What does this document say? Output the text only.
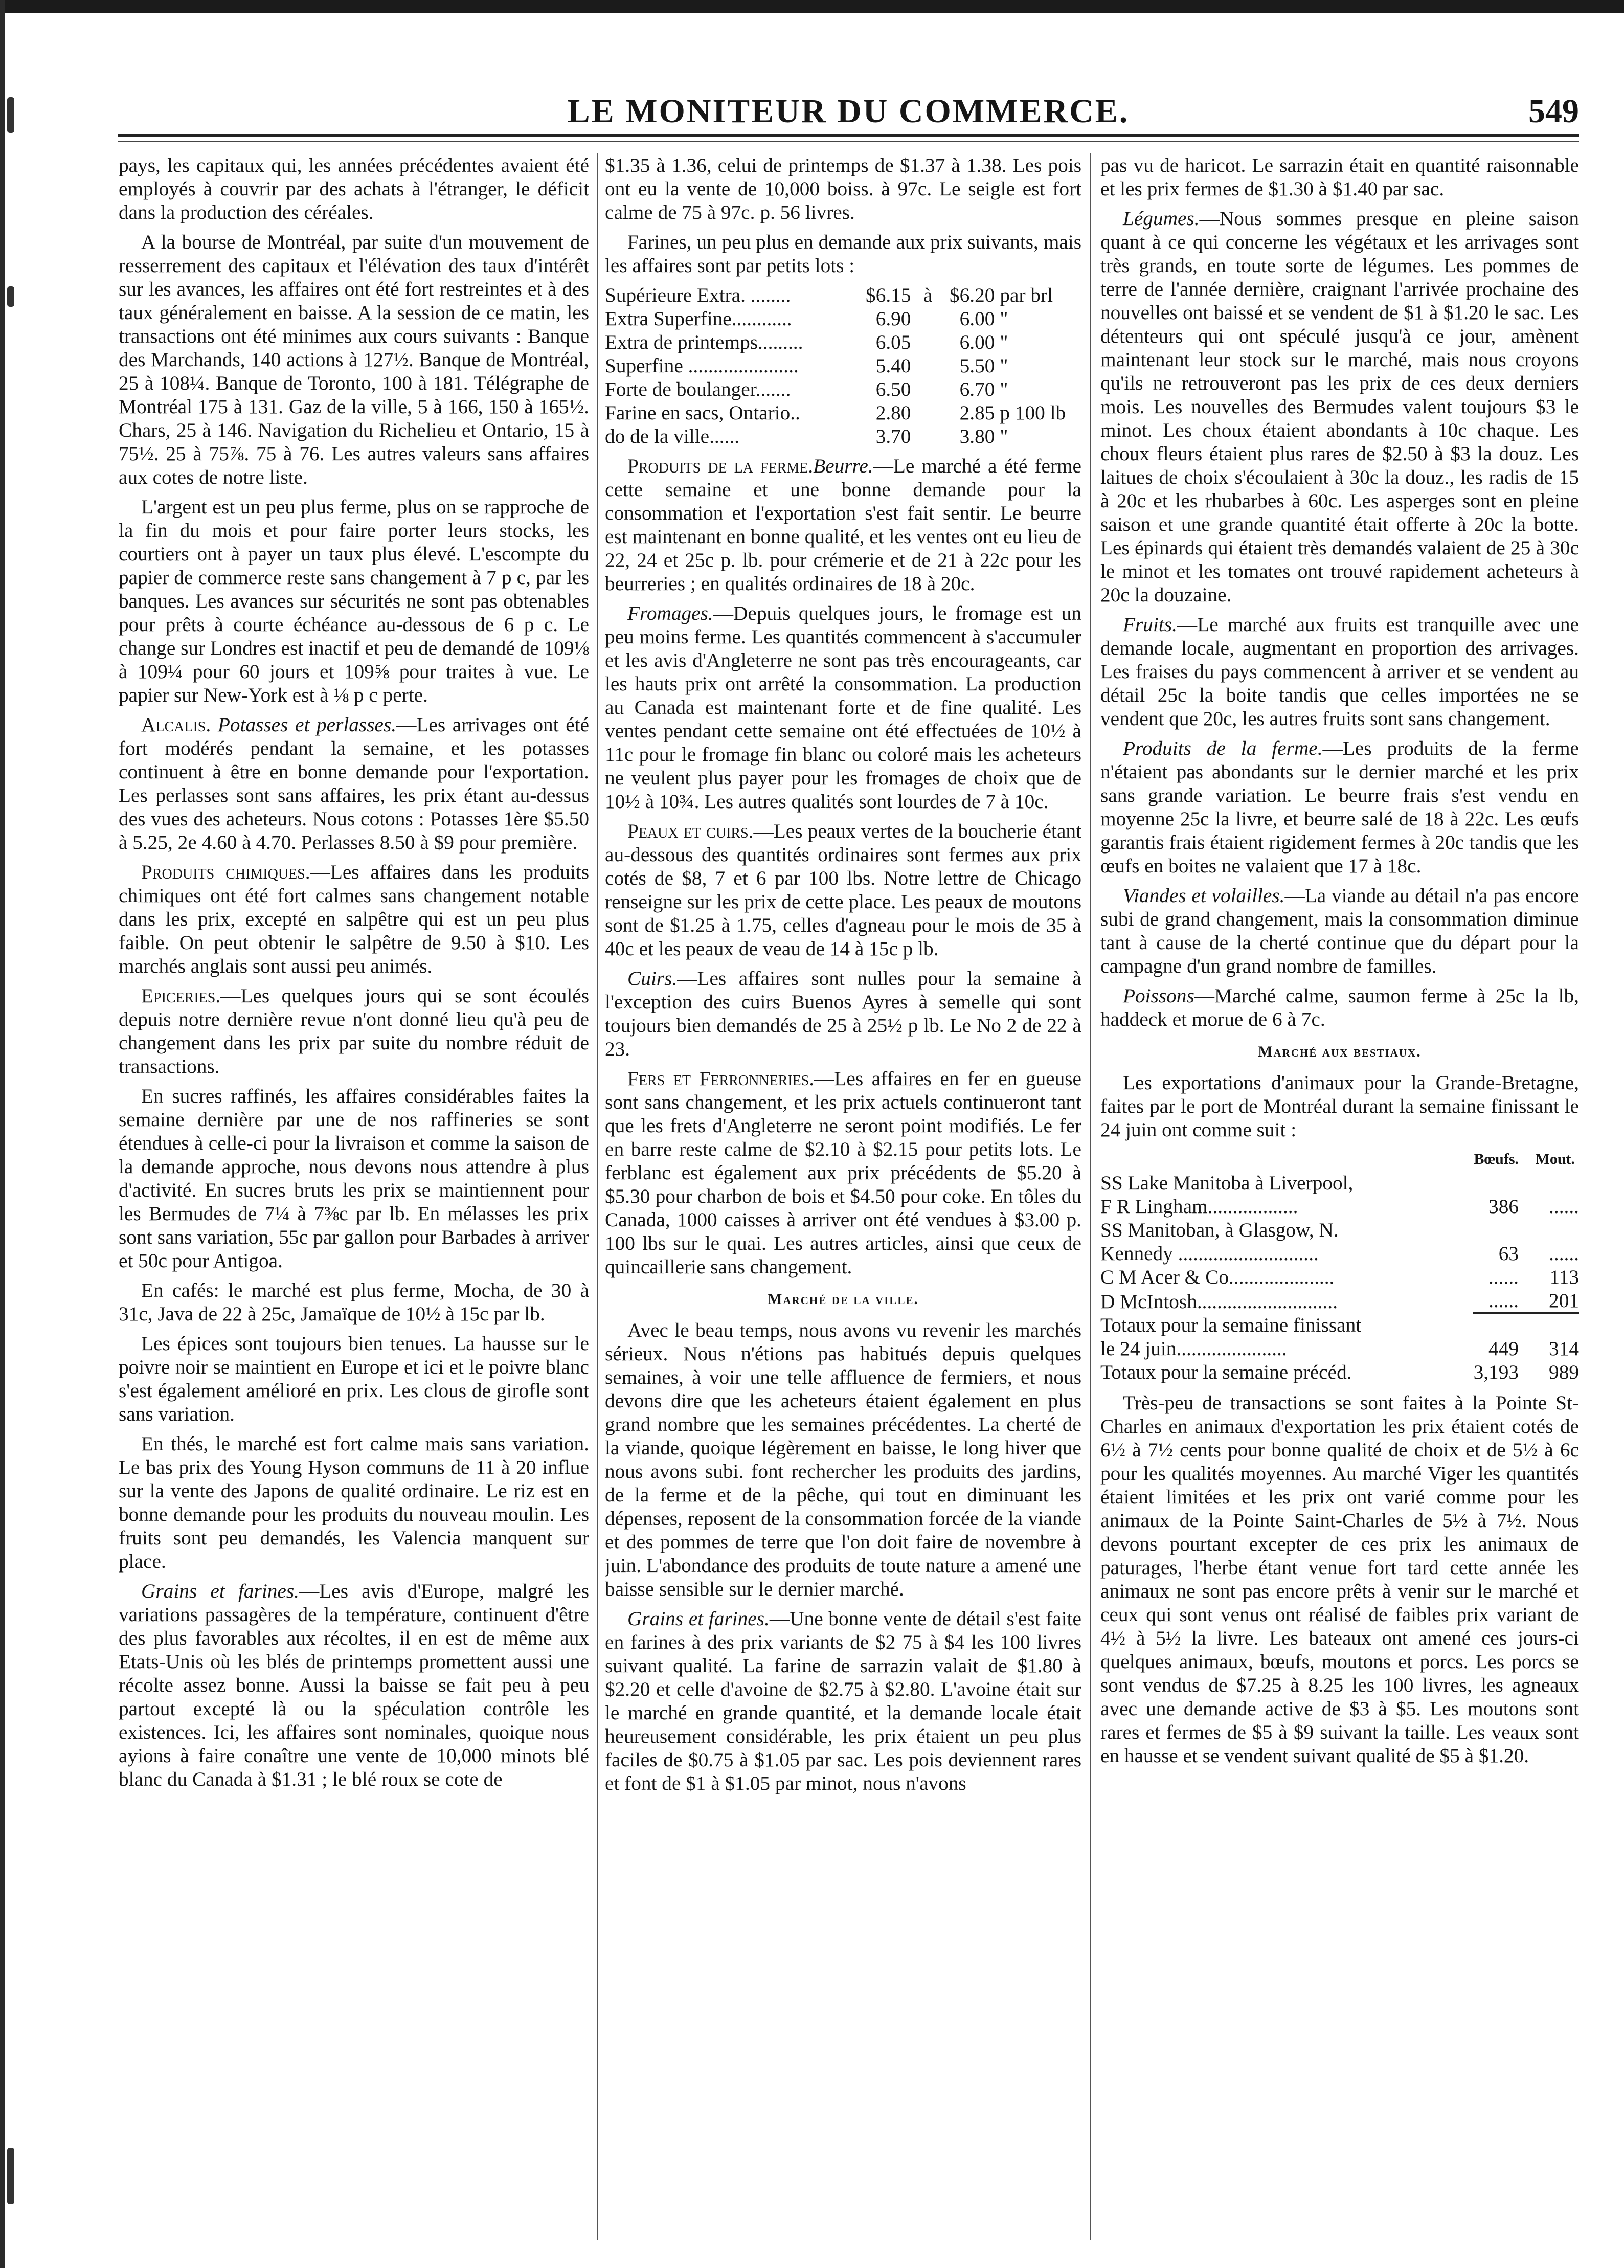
LE MONITEUR DU COMMERCE.	549

pays, les capitaux qui, les années précédentes avaient été employés à couvrir par des achats à l'étranger, le déficit dans la production des céréales.

A la bourse de Montréal, par suite d'un mouvement de resserrement des capitaux et l'élévation des taux d'intérêt sur les avances, les affaires ont été fort restreintes et à des taux généralement en baisse. A la session de ce matin, les transactions ont été minimes aux cours suivants : Banque des Marchands, 140 actions à 127½. Banque de Montréal, 25 à 108¼. Banque de Toronto, 100 à 181. Télégraphe de Montréal 175 à 131. Gaz de la ville, 5 à 166, 150 à 165½. Chars, 25 à 146. Navigation du Richelieu et Ontario, 15 à 75½. 25 à 75⅞. 75 à 76. Les autres valeurs sans affaires aux cotes de notre liste.

L'argent est un peu plus ferme, plus on se rapproche de la fin du mois et pour faire porter leurs stocks, les courtiers ont à payer un taux plus élevé. L'escompte du papier de commerce reste sans changement à 7 p c, par les banques. Les avances sur sécurités ne sont pas obtenables pour prêts à courte échéance au-dessous de 6 p c. Le change sur Londres est inactif et peu de demandé de 109⅛ à 109¼ pour 60 jours et 109⅝ pour traites à vue. Le papier sur New-York est à ⅛ p c perte.

Alcalis. Potasses et perlasses.—Les arrivages ont été fort modérés pendant la semaine, et les potasses continuent à être en bonne demande pour l'exportation. Les perlasses sont sans affaires, les prix étant au-dessus des vues des acheteurs. Nous cotons : Potasses 1ère $5.50 à 5.25, 2e 4.60 à 4.70. Perlasses 8.50 à $9 pour première.

Produits chimiques.—Les affaires dans les produits chimiques ont été fort calmes sans changement notable dans les prix, excepté en salpêtre qui est un peu plus faible. On peut obtenir le salpêtre de 9.50 à $10. Les marchés anglais sont aussi peu animés.

Epiceries.—Les quelques jours qui se sont écoulés depuis notre dernière revue n'ont donné lieu qu'à peu de changement dans les prix par suite du nombre réduit de transactions.

En sucres raffinés, les affaires considérables faites la semaine dernière par une de nos raffineries se sont étendues à celle-ci pour la livraison et comme la saison de la demande approche, nous devons nous attendre à plus d'activité. En sucres bruts les prix se maintiennent pour les Bermudes de 7¼ à 7⅜c par lb. En mélasses les prix sont sans variation, 55c par gallon pour Barbades à arriver et 50c pour Antigoa.

En cafés: le marché est plus ferme, Mocha, de 30 à 31c, Java de 22 à 25c, Jamaïque de 10½ à 15c par lb.

Les épices sont toujours bien tenues. La hausse sur le poivre noir se maintient en Europe et ici et le poivre blanc s'est également amélioré en prix. Les clous de girofle sont sans variation.

En thés, le marché est fort calme mais sans variation. Le bas prix des Young Hyson communs de 11 à 20 influe sur la vente des Japons de qualité ordinaire. Le riz est en bonne demande pour les produits du nouveau moulin. Les fruits sont peu demandés, les Valencia manquent sur place.

Grains et farines.—Les avis d'Europe, malgré les variations passagères de la température, continuent d'être des plus favorables aux récoltes, il en est de même aux Etats-Unis où les blés de printemps promettent aussi une récolte assez bonne. Aussi la baisse se fait peu à peu partout excepté là ou la spéculation contrôle les existences. Ici, les affaires sont nominales, quoique nous ayions à faire conaître une vente de 10,000 minots blé blanc du Canada à $1.31 ; le blé roux se cote de

$1.35 à 1.36, celui de printemps de $1.37 à 1.38. Les pois ont eu la vente de 10,000 boiss. à 97c. Le seigle est fort calme de 75 à 97c. p. 56 livres.

Farines, un peu plus en demande aux prix suivants, mais les affaires sont par petits lots :

Supérieure Extra. ........	$6.15	à	$6.20	par brl
Extra Superfine............	6.90		6.00	"
Extra de printemps.........	6.05		6.00	"
Superfine ......................	5.40		5.50	"
Forte de boulanger.......	6.50		6.70	"
Farine en sacs, Ontario..	2.80		2.85	p 100 lb
do de la ville......	3.70		3.80	"

Produits de la ferme.Beurre.—Le marché a été ferme cette semaine et une bonne demande pour la consommation et l'exportation s'est fait sentir. Le beurre est maintenant en bonne qualité, et les ventes ont eu lieu de 22, 24 et 25c p. lb. pour crémerie et de 21 à 22c pour les beurreries ; en qualités ordinaires de 18 à 20c.

Fromages.—Depuis quelques jours, le fromage est un peu moins ferme. Les quantités commencent à s'accumuler et les avis d'Angleterre ne sont pas très encourageants, car les hauts prix ont arrêté la consommation. La production au Canada est maintenant forte et de fine qualité. Les ventes pendant cette semaine ont été effectuées de 10½ à 11c pour le fromage fin blanc ou coloré mais les acheteurs ne veulent plus payer pour les fromages de choix que de 10½ à 10¾. Les autres qualités sont lourdes de 7 à 10c.

Peaux et cuirs.—Les peaux vertes de la boucherie étant au-dessous des quantités ordinaires sont fermes aux prix cotés de $8, 7 et 6 par 100 lbs. Notre lettre de Chicago renseigne sur les prix de cette place. Les peaux de moutons sont de $1.25 à 1.75, celles d'agneau pour le mois de 35 à 40c et les peaux de veau de 14 à 15c p lb.

Cuirs.—Les affaires sont nulles pour la semaine à l'exception des cuirs Buenos Ayres à semelle qui sont toujours bien demandés de 25 à 25½ p lb. Le No 2 de 22 à 23.

Fers et Ferronneries.—Les affaires en fer en gueuse sont sans changement, et les prix actuels continueront tant que les frets d'Angleterre ne seront point modifiés. Le fer en barre reste calme de $2.10 à $2.15 pour petits lots. Le ferblanc est également aux prix précédents de $5.20 à $5.30 pour charbon de bois et $4.50 pour coke. En tôles du Canada, 1000 caisses à arriver ont été vendues à $3.00 p. 100 lbs sur le quai. Les autres articles, ainsi que ceux de quincaillerie sans changement.

Marché de la ville.

Avec le beau temps, nous avons vu revenir les marchés sérieux. Nous n'étions pas habitués depuis quelques semaines, à voir une telle affluence de fermiers, et nous devons dire que les acheteurs étaient également en plus grand nombre que les semaines précédentes. La cherté de la viande, quoique légèrement en baisse, le long hiver que nous avons subi. font rechercher les produits des jardins, de la ferme et de la pêche, qui tout en diminuant les dépenses, reposent de la consommation forcée de la viande et des pommes de terre que l'on doit faire de novembre à juin. L'abondance des produits de toute nature a amené une baisse sensible sur le dernier marché.

Grains et farines.—Une bonne vente de détail s'est faite en farines à des prix variants de $2 75 à $4 les 100 livres suivant qualité. La farine de sarrazin valait de $1.80 à $2.20 et celle d'avoine de $2.75 à $2.80. L'avoine était sur le marché en grande quantité, et la demande locale était heureusement considérable, les prix étaient un peu plus faciles de $0.75 à $1.05 par sac. Les pois deviennent rares et font de $1 à $1.05 par minot, nous n'avons

pas vu de haricot. Le sarrazin était en quantité raisonnable et les prix fermes de $1.30 à $1.40 par sac.

Légumes.—Nous sommes presque en pleine saison quant à ce qui concerne les végétaux et les arrivages sont très grands, en toute sorte de légumes. Les pommes de terre de l'année dernière, craignant l'arrivée prochaine des nouvelles ont baissé et se vendent de $1 à $1.20 le sac. Les détenteurs qui ont spéculé jusqu'à ce jour, amènent maintenant leur stock sur le marché, mais nous croyons qu'ils ne retrouveront pas les prix de ces deux derniers mois. Les nouvelles des Bermudes valent toujours $3 le minot. Les choux étaient abondants à 10c chaque. Les choux fleurs étaient plus rares de $2.50 à $3 la douz. Les laitues de choix s'écoulaient à 30c la douz., les radis de 15 à 20c et les rhubarbes à 60c. Les asperges sont en pleine saison et une grande quantité était offerte à 20c la botte. Les épinards qui étaient très demandés valaient de 25 à 30c le minot et les tomates ont trouvé rapidement acheteurs à 20c la douzaine.

Fruits.—Le marché aux fruits est tranquille avec une demande locale, augmentant en proportion des arrivages. Les fraises du pays commencent à arriver et se vendent au détail 25c la boite tandis que celles importées ne se vendent que 20c, les autres fruits sont sans changement.

Produits de la ferme.—Les produits de la ferme n'étaient pas abondants sur le dernier marché et les prix sans grande variation. Le beurre frais s'est vendu en moyenne 25c la livre, et beurre salé de 18 à 22c. Les œufs garantis frais étaient rigidement fermes à 20c tandis que les œufs en boites ne valaient que 17 à 18c.

Viandes et volailles.—La viande au détail n'a pas encore subi de grand changement, mais la consommation diminue tant à cause de la cherté continue que du départ pour la campagne d'un grand nombre de familles.

Poissons—Marché calme, saumon ferme à 25c la lb, haddeck et morue de 6 à 7c.

Marché aux bestiaux.

Les exportations d'animaux pour la Grande-Bretagne, faites par le port de Montréal durant la semaine finissant le 24 juin ont comme suit :

	Bœufs.	Mout.
SS Lake Manitoba à Liverpool,		
F R Lingham..................	386	......
SS Manitoban, à Glasgow, N.		
Kennedy ............................	63	......
C M Acer & Co.....................	......	113
D McIntosh............................	......	201
Totaux pour la semaine finissant		
le 24 juin......................	449	314
Totaux pour la semaine précéd.	3,193	989

Très-peu de transactions se sont faites à la Pointe St-Charles en animaux d'exportation les prix étaient cotés de 6½ à 7½ cents pour bonne qualité de choix et de 5½ à 6c pour les qualités moyennes. Au marché Viger les quantités étaient limitées et les prix ont varié comme pour les animaux de la Pointe Saint-Charles de 5½ à 7½. Nous devons pourtant excepter de ces prix les animaux de paturages, l'herbe étant venue fort tard cette année les animaux ne sont pas encore prêts à venir sur le marché et ceux qui sont venus ont réalisé de faibles prix variant de 4½ à 5½ la livre. Les bateaux ont amené ces jours-ci quelques animaux, bœufs, moutons et porcs. Les porcs se sont vendus de $7.25 à 8.25 les 100 livres, les agneaux avec une demande active de $3 à $5. Les moutons sont rares et fermes de $5 à $9 suivant la taille. Les veaux sont en hausse et se vendent suivant qualité de $5 à $1.20.
